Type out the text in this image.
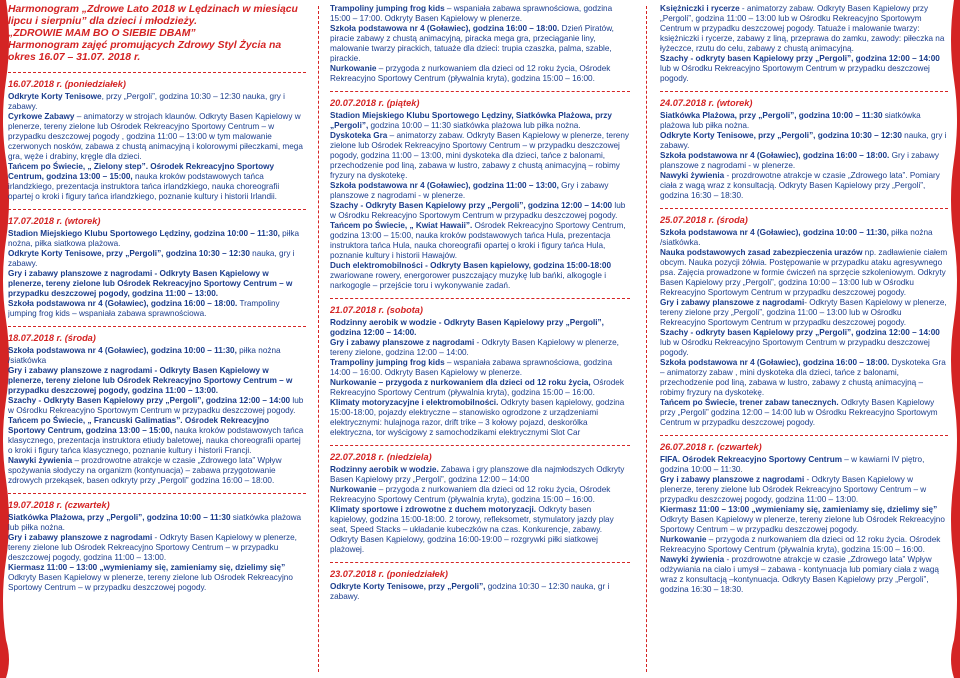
Harmonogram „Zdrowe Lato 2018 w Lędzinach w miesiącu lipcu i sierpniu” dla dzieci i młodzieży.
„ZDROWIE MAM BO O SIEBIE DBAM”
Harmonogram zajęć promujących Zdrowy Styl Życia na okres 16.07 – 31.07. 2018 r.
16.07.2018 r. (poniedziałek)

Odkryte Korty Tenisowe, przy „Pergoli”, godzina 10:30 – 12:30 nauka, gry i zabawy.

Cyrkowe Zabawy – animatorzy w strojach klaunów. Odkryty Basen Kąpielowy w plenerze, tereny zielone lub Ośrodek Rekreacyjno Sportowy Centrum – w przypadku deszczowej pogody , godzina 11:00 – 13:00 w tym malowanie czerwonych nosków, zabawa z chustą animacyjną i kolorowymi piłeczkami, mega gra, węże i drabiny, kręgle dla dzieci.

Tańcem po Świecie, „ Zielony step”. Ośrodek Rekreacyjno Sportowy Centrum, godzina 13:00 – 15:00, nauka kroków podstawowych tańca irlandzkiego, prezentacja instruktora tańca irlandzkiego, nauka choreografii opartej o kroki i figury tańca irlandzkiego, poznanie kultury i historii Irlandii.

17.07.2018 r. (wtorek)

Stadion Miejskiego Klubu Sportowego Lędziny, godzina 10:00 – 11:30, piłka nożna, piłka siatkowa plażowa.

Odkryte Korty Tenisowe, przy „Pergoli”, godzina 10:30 – 12:30 nauka, gry i zabawy.

Gry i zabawy planszowe z nagrodami - Odkryty Basen Kąpielowy w plenerze, tereny zielone lub Ośrodek Rekreacyjno Sportowy Centrum – w przypadku deszczowej pogody, godzina 11:00 – 13:00.

Szkoła podstawowa nr 4 (Goławiec), godzina 16:00 – 18:00. Trampoliny jumping frog kids – wspaniała zabawa sprawnościowa.

18.07.2018 r. (środa)

Szkoła podstawowa nr 4 (Goławiec), godzina 10:00 – 11:30, piłka nożna /siatkówka

Gry i zabawy planszowe z nagrodami - Odkryty Basen Kąpielowy w plenerze, tereny zielone lub Ośrodek Rekreacyjno Sportowy Centrum – w przypadku deszczowej pogody, godzina 11:00 – 13:00.

Szachy - Odkryty Basen Kąpielowy przy „Pergoli”, godzina 12:00 – 14:00 lub w Ośrodku Rekreacyjno Sportowym Centrum w przypadku deszczowej pogody.

Tańcem po Świecie, „ Francuski Galimatias”. Ośrodek Rekreacyjno Sportowy Centrum, godzina 13:00 – 15:00, nauka kroków podstawowych tańca klasycznego, prezentacja instruktora etiudy baletowej, nauka choreografii opartej o kroki i figury tańca klasycznego, poznanie kultury i historii Francji.

Nawyki żywienia – prozdrowotne atrakcje w czasie „Zdrowego lata” Wpływ spożywania słodyczy na organizm (kontynuacja) – zabawa przygotowanie zdrowych przekąsek, basen odkryty przy „Pergoli” godzina 16:00 – 18:00.

19.07.2018 r. (czwartek)

Siatkówka Plażowa, przy „Pergoli”, godzina 10:00 – 11:30 siatkówka plażowa lub piłka nożna.

Gry i zabawy planszowe z nagrodami - Odkryty Basen Kąpielowy w plenerze, tereny zielone lub Ośrodek Rekreacyjno Sportowy Centrum – w przypadku deszczowej pogody, godzina 11:00 – 13:00.

Kiermasz 11:00 – 13:00 „wymieniamy się, zamieniamy się, dzielimy się” Odkryty Basen Kąpielowy w plenerze, tereny zielone lub Ośrodek Rekreacyjno Sportowy Centrum – w przypadku deszczowej pogody.

Trampoliny jumping frog kids – wspaniała zabawa sprawnościowa, godzina 15:00 – 17:00. Odkryty Basen Kąpielowy w plenerze.

Szkoła podstawowa nr 4 (Goławiec), godzina 16:00 – 18:00. Dzień Piratów, piracie zabawy z chustą animacyjną, piracka mega gra, przeciąganie liny, malowanie twarzy pirackich, tatuaże dla dzieci: trupia czaszka, palma, szable, pirackie.

Nurkowanie – przygoda z nurkowaniem dla dzieci od 12 roku życia, Ośrodek Rekreacyjno Sportowy Centrum (pływalnia kryta), godzina 15:00 – 16:00.

20.07.2018 r. (piątek)

Stadion Miejskiego Klubu Sportowego Lędziny, Siatkówka Plażowa, przy „Pergoli”, godzina 10:00 – 11:30 siatkówka plażowa lub piłka nożna.

Dyskoteka Gra – animatorzy zabaw. Odkryty Basen Kąpielowy w plenerze, tereny zielone lub Ośrodek Rekreacyjno Sportowy Centrum – w przypadku deszczowej pogody, godzina 11:00 – 13:00, mini dyskoteka dla dzieci, tańce z balonami, przechodzenie pod liną, zabawa w lustro, zabawy z chustą animacyjną – robimy fryzury na dyskotekę.

Szkoła podstawowa nr 4 (Goławiec), godzina 11:00 – 13:00, Gry i zabawy planszowe z nagrodami - w plenerze.

Szachy - Odkryty Basen Kąpielowy przy „Pergoli”, godzina 12:00 – 14:00 lub w Ośrodku Rekreacyjno Sportowym Centrum w przypadku deszczowej pogody.

Tańcem po Świecie, „ Kwiat Hawaii”. Ośrodek Rekreacyjno Sportowy Centrum, godzina 13:00 – 15:00, nauka kroków podstawowych tańca Hula, prezentacja instruktora tańca Hula, nauka choreografii opartej o kroki i figury tańca Hula, poznanie kultury i historii Hawajów.

Duch elektromobilności - Odkryty Basen kąpielowy, godzina 15:00-18:00 zwariowane rowery, energorower puszczający muzykę lub bańki, alkogogle i narkogogle – przejście toru i wykonywanie zadań.

21.07.2018 r. (sobota)

Rodzinny aerobik w wodzie - Odkryty Basen Kąpielowy przy „Pergoli”, godzina 12:00 – 14:00.

Gry i zabawy planszowe z nagrodami - Odkryty Basen Kąpielowy w plenerze, tereny zielone, godzina 12:00 – 14:00.

Trampoliny jumping frog kids – wspaniała zabawa sprawnościowa, godzina 14:00 – 16:00. Odkryty Basen Kąpielowy w plenerze.

Nurkowanie – przygoda z nurkowaniem dla dzieci od 12 roku życia, Ośrodek Rekreacyjno Sportowy Centrum (pływalnia kryta), godzina 15:00 – 16:00.

Klimaty motoryzacyjne i elektromobilności. Odkryty basen kąpielowy, godzina 15:00-18:00, pojazdy elektryczne – stanowisko ogrodzone z urządzeniami elektrycznymi: hulajnoga razor, drift trike – 3 kołowy pojazd, deskorólka elektryczna, tor wyścigowy z samochodzikami elektrycznymi Slot Car

22.07.2018 r. (niedziela)

Rodzinny aerobik w wodzie. Zabawa i gry planszowe dla najmłodszych Odkryty Basen Kąpielowy przy „Pergoli”, godzina 12:00 – 14:00

Nurkowanie – przygoda z nurkowaniem dla dzieci od 12 roku życia, Ośrodek Rekreacyjno Sportowy Centrum (pływalnia kryta), godzina 15:00 – 16:00.

Klimaty sportowe i zdrowotne z duchem motoryzacji. Odkryty basen kąpielowy, godzina 15:00-18:00. 2 torowy, refleksometr, stymulatory jazdy play seat, Speed Stacks – układanie kubeczków na czas. Konkurencje, zabawy. Odkryty Basen Kąpielowy, godzina 16:00-19:00 – rozgrywki piłki siatkowej plażowej.

23.07.2018 r. (poniedziałek)

Odkryte Korty Tenisowe, przy „Pergoli”, godzina 10:30 – 12:30 nauka, gr i zabawy.

Księżniczki i rycerze - animatorzy zabaw. Odkryty Basen Kąpielowy przy „Pergoli”, godzina 11:00 – 13:00 lub w Ośrodku Rekreacyjno Sportowym Centrum w przypadku deszczowej pogody. Tatuaże i malowanie twarzy: księżniczki i rycerze, zabawy z liną, przeprawa do zamku, zawody: piłeczka na łyżeczce, rzutu do celu, zabawy z chustą animacyjną.

Szachy - odkryty basen Kąpielowy przy „Pergoli”, godzina 12:00 – 14:00 lub w Ośrodku Rekreacyjno Sportowym Centrum w przypadku deszczowej pogody.

24.07.2018 r. (wtorek)

Siatkówka Plażowa, przy „Pergoli”, godzina 10:00 – 11:30 siatkówka plażowa lub piłka nożna.

Odkryte Korty Tenisowe, przy „Pergoli”, godzina 10:30 – 12:30 nauka, gry i zabawy.

Szkoła podstawowa nr 4 (Goławiec), godzina 16:00 – 18:00. Gry i zabawy planszowe z nagrodami - w plenerze.

Nawyki żywienia - prozdrowotne atrakcje w czasie „Zdrowego lata”. Pomiary ciała z wagą wraz z konsultacją. Odkryty Basen Kąpielowy przy „Pergoli”, godzina 16:30 – 18:30.

25.07.2018 r. (środa)

Szkoła podstawowa nr 4 (Goławiec), godzina 10:00 – 11:30, piłka nożna /siatkówka.

Nauka podstawowych zasad zabezpieczenia urazów np. zadławienie ciałem obcym. Nauka pozycji żółwia. Postępowanie w przypadku ataku agresywnego psa. Zajęcia prowadzone w formie ćwiczeń na sprzęcie szkoleniowym. Odkryty Basen Kąpielowy przy „Pergoli”, godzina 10:00 – 13:00 lub w Ośrodku Rekreacyjno Sportowym Centrum w przypadku deszczowej pogody.

Gry i zabawy planszowe z nagrodami- Odkryty Basen Kąpielowy w plenerze, tereny zielone przy „Pergoli”, godzina 11:00 – 13:00 lub w Ośrodku Rekreacyjno Sportowym Centrum w przypadku deszczowej pogody.

Szachy - odkryty basen Kąpielowy przy „Pergoli”, godzina 12:00 – 14:00 lub w Ośrodku Rekreacyjno Sportowym Centrum w przypadku deszczowej pogody.

Szkoła podstawowa nr 4 (Goławiec), godzina 16:00 – 18:00. Dyskoteka Gra – animatorzy zabaw , mini dyskoteka dla dzieci, tańce z balonami, przechodzenie pod liną, zabawa w lustro, zabawy z chustą animacyjną – robimy fryzury na dyskotekę.

Tańcem po Świecie, trener zabaw tanecznych. Odkryty Basen Kąpielowy przy „Pergoli” godzina 12:00 – 14:00 lub w Ośrodku Rekreacyjno Sportowym Centrum w przypadku deszczowej pogody.

26.07.2018 r. (czwartek)

FIFA. Ośrodek Rekreacyjno Sportowy Centrum – w kawiarni IV piętro, godzina 10:00 – 11:30.

Gry i zabawy planszowe z nagrodami - Odkryty Basen Kąpielowy w plenerze, tereny zielone lub Ośrodek Rekreacyjno Sportowy Centrum – w przypadku deszczowej pogody, godzina 11:00 – 13:00.

Kiermasz 11:00 – 13:00 „wymieniamy się, zamieniamy się, dzielimy się” Odkryty Basen Kąpielowy w plenerze, tereny zielone lub Ośrodek Rekreacyjno Sportowy Centrum – w przypadku deszczowej pogody.

Nurkowanie – przygoda z nurkowaniem dla dzieci od 12 roku życia. Ośrodek Rekreacyjno Sportowy Centrum (pływalnia kryta), godzina 15:00 – 16:00.

Nawyki żywienia - prozdrowotne atrakcje w czasie „Zdrowego lata” Wpływ odżywiania na ciało i umysł – zabawa - kontynuacja lub pomiary ciała z wagą wraz z konsultacją –kontynuacja. Odkryty Basen Kąpielowy przy „Pergoli”, godzina 16:30 – 18:30.
